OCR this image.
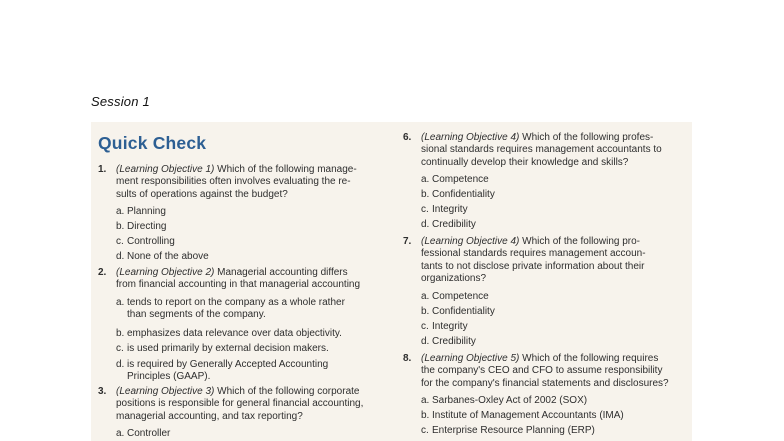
Session 1
Quick Check
1. (Learning Objective 1) Which of the following manage-
ment responsibilities often involves evaluating the re-
sults of operations against the budget?
a. Planning
b. Directing
c. Controlling
d. None of the above
2. (Learning Objective 2) Managerial accounting differs
from financial accounting in that managerial accounting
a. tends to report on the company as a whole rather
than segments of the company.
b. emphasizes data relevance over data objectivity.
c. is used primarily by external decision makers.
d. is required by Generally Accepted Accounting
Principles (GAAP).
3. (Learning Objective 3) Which of the following corporate
positions is responsible for general financial accounting,
managerial accounting, and tax reporting?
a. Controller
6. (Learning Objective 4) Which of the following profes-
sional standards requires management accountants to
continually develop their knowledge and skills?
a. Competence
b. Confidentiality
c. Integrity
d. Credibility
7. (Learning Objective 4) Which of the following pro-
fessional standards requires management accoun-
tants to not disclose private information about their
organizations?
a. Competence
b. Confidentiality
c. Integrity
d. Credibility
8. (Learning Objective 5) Which of the following requires
the company's CEO and CFO to assume responsibility
for the company's financial statements and disclosures?
a. Sarbanes-Oxley Act of 2002 (SOX)
b. Institute of Management Accountants (IMA)
c. Enterprise Resource Planning (ERP)
